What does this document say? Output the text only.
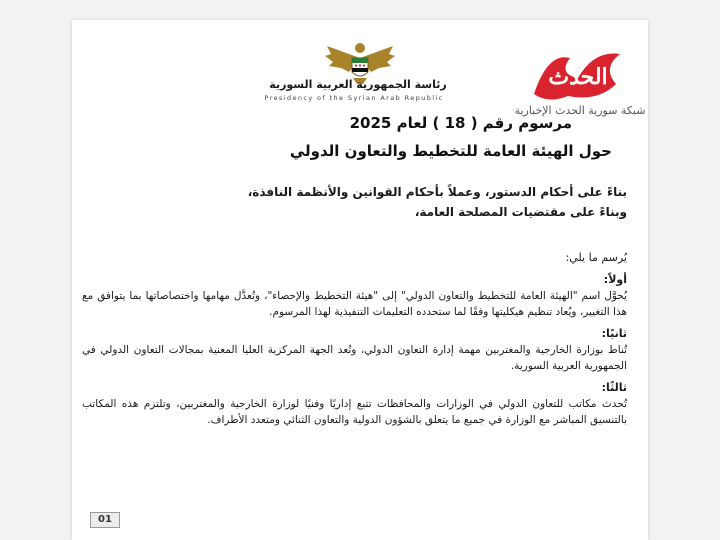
رئاسة الجمهورية العربية السورية
Presidency of the Syrian Arab Republic
الحدث
شبكة سورية الحدث الإخبارية
مرسوم رقم ( 18 ) لعام 2025
حول الهيئة العامة للتخطيط والتعاون الدولي

بناءً على أحكام الدستور، وعملاً بأحكام القوانين والأنظمة النافذة،

وبناءً على مقتضيات المصلحة العامة،

يُرسم ما يلي:

أولاً:

يُحوَّل اسم "الهيئة العامة للتخطيط والتعاون الدولي" إلى "هيئة التخطيط والإحصاء"، وتُعدَّل مهامها واختصاصاتها بما يتوافق مع هذا التغيير، ويُعاد تنظيم هيكليتها وفقًا لما ستحدده التعليمات التنفيذية لهذا المرسوم.

ثانيًا:

تُناط بوزارة الخارجية والمغتربين مهمة إدارة التعاون الدولي، وتُعد الجهة المركزية العليا المعنية بمجالات التعاون الدولي في الجمهورية العربية السورية.

ثالثًا:

تُحدث مكاتب للتعاون الدولي في الوزارات والمحافظات تتبع إداريًا وفنيًا لوزارة الخارجية والمغتربين، وتلتزم هذه المكاتب بالتنسيق المباشر مع الوزارة في جميع ما يتعلق بالشؤون الدولية والتعاون الثنائي ومتعدد الأطراف.

01
